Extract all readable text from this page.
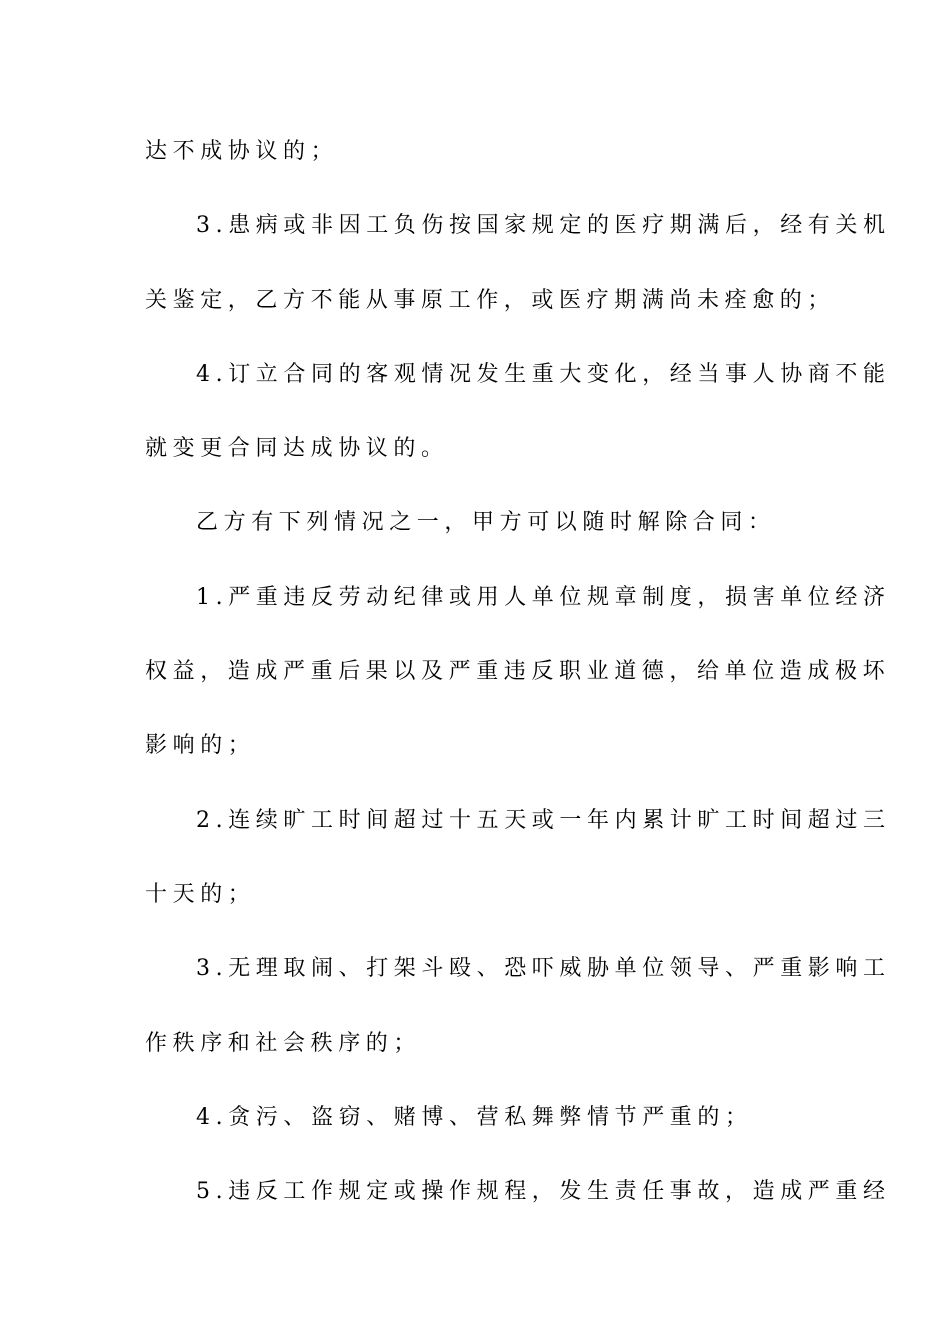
达不成协议的；
3.患病或非因工负伤按国家规定的医疗期满后，经有关机
关鉴定，乙方不能从事原工作，或医疗期满尚未痊愈的；
4.订立合同的客观情况发生重大变化，经当事人协商不能
就变更合同达成协议的。
乙方有下列情况之一，甲方可以随时解除合同：
1.严重违反劳动纪律或用人单位规章制度，损害单位经济
权益，造成严重后果以及严重违反职业道德，给单位造成极坏
影响的；
2.连续旷工时间超过十五天或一年内累计旷工时间超过三
十天的；
3.无理取闹、打架斗殴、恐吓威胁单位领导、严重影响工
作秩序和社会秩序的；
4.贪污、盗窃、赌博、营私舞弊情节严重的；
5.违反工作规定或操作规程，发生责任事故，造成严重经
